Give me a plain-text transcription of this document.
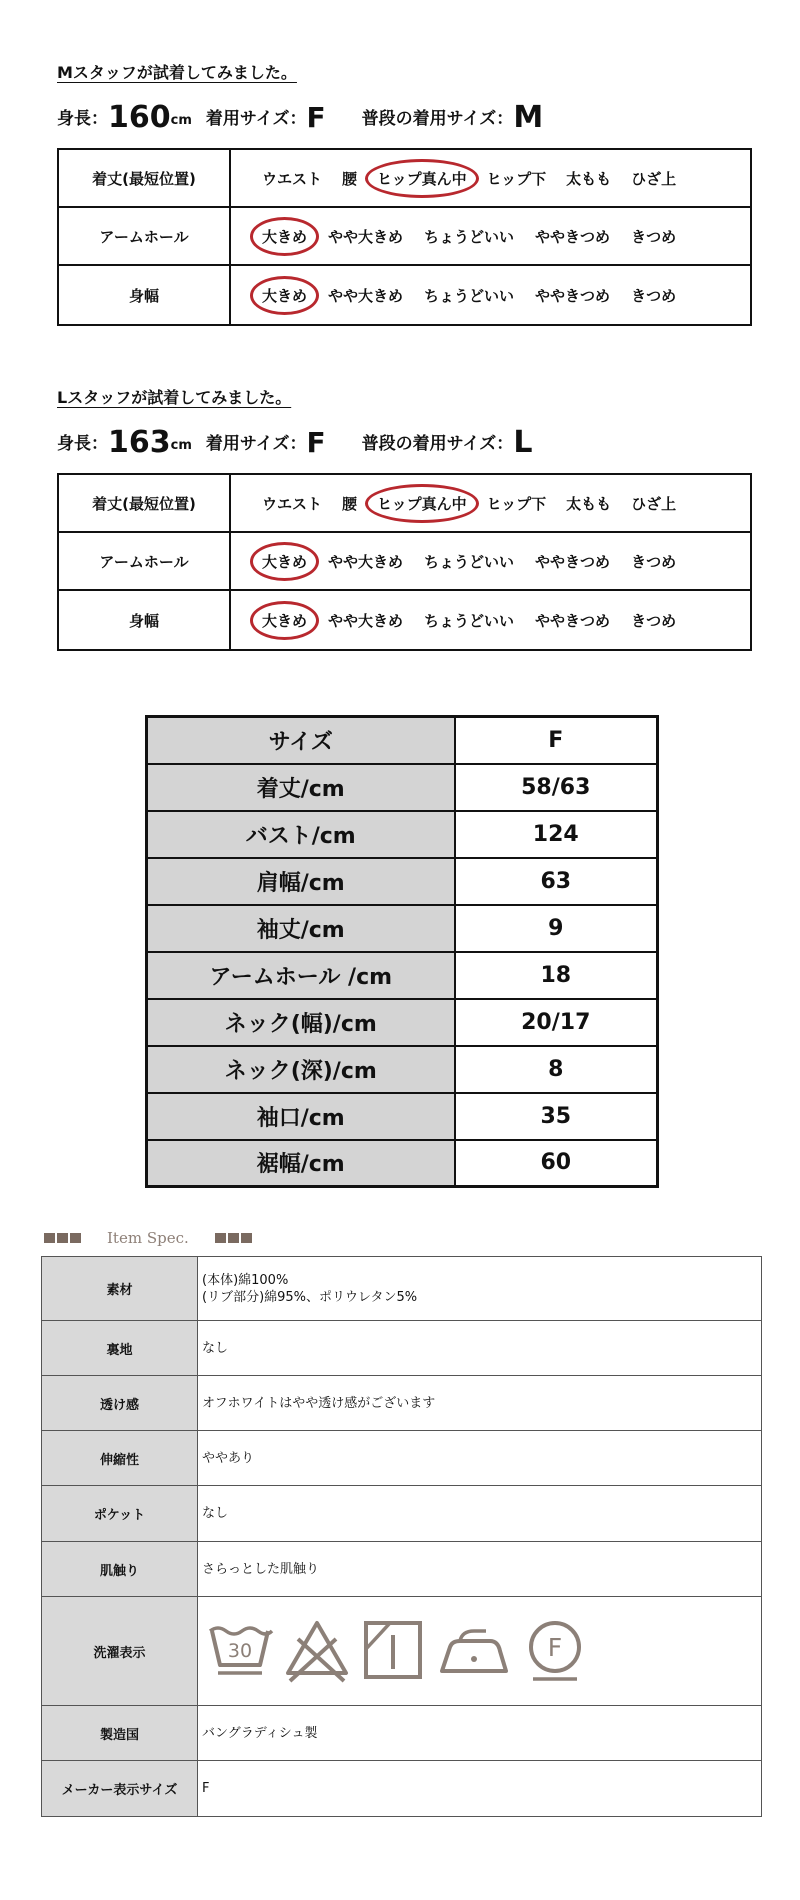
Mスタッフが試着してみました。
身長：160cm 着用サイズ：F 普段の着用サイズ：M
着丈(最短位置)	ウエスト 腰 ヒップ真ん中 ヒップ下 太もも ひざ上
アームホール	大きめ やや大きめ ちょうどいい ややきつめ きつめ
身幅	大きめ やや大きめ ちょうどいい ややきつめ きつめ
Lスタッフが試着してみました。
身長：163cm 着用サイズ：F 普段の着用サイズ：L
着丈(最短位置)	ウエスト 腰 ヒップ真ん中 ヒップ下 太もも ひざ上
アームホール	大きめ やや大きめ ちょうどいい ややきつめ きつめ
身幅	大きめ やや大きめ ちょうどいい ややきつめ きつめ
サイズ	F
着丈/cm	58/63
バスト/cm	124
肩幅/cm	63
袖丈/cm	9
アームホール /cm	18
ネック(幅)/cm	20/17
ネック(深)/cm	8
袖口/cm	35
裾幅/cm	60
Item Spec.
素材	(本体)綿100%
(リブ部分)綿95%、ポリウレタン5%

裏地	なし
透け感	オフホワイトはやや透け感がございます
伸縮性	ややあり
ポケット	なし
肌触り	さらっとした肌触り
洗濯表示	30 F

製造国	バングラディシュ製
メーカー表示サイズ	F
